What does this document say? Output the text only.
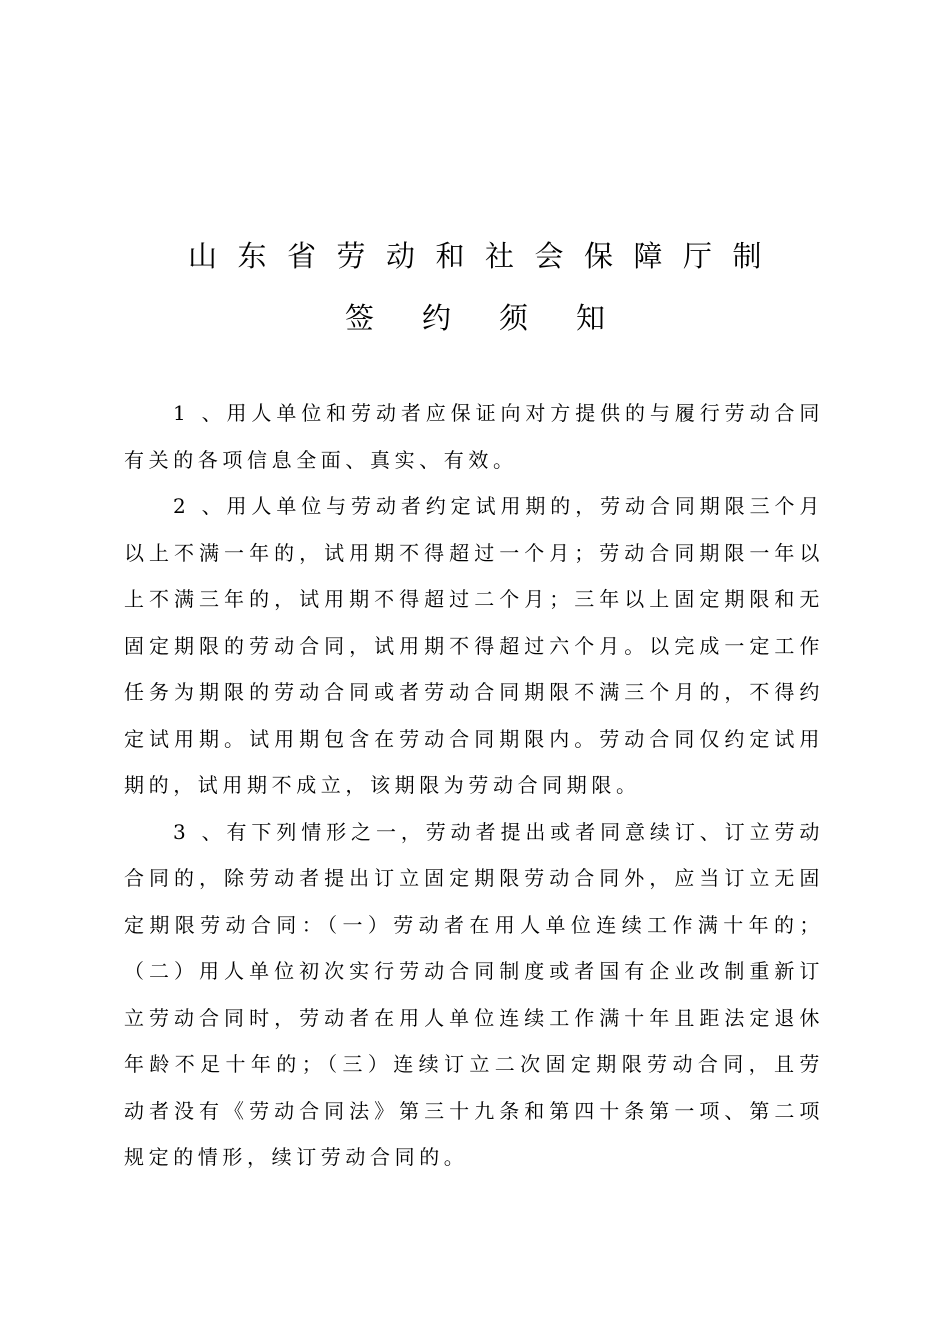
山东省劳动和社会保障厅制
签约须知

1 、用人单位和劳动者应保证向对方提供的与履行劳动合同有关的各项信息全面、真实、有效。

2 、用人单位与劳动者约定试用期的，劳动合同期限三个月以上不满一年的，试用期不得超过一个月；劳动合同期限一年以上不满三年的，试用期不得超过二个月；三年以上固定期限和无固定期限的劳动合同，试用期不得超过六个月。以完成一定工作任务为期限的劳动合同或者劳动合同期限不满三个月的，不得约定试用期。试用期包含在劳动合同期限内。劳动合同仅约定试用期的，试用期不成立，该期限为劳动合同期限。

3 、有下列情形之一，劳动者提出或者同意续订、订立劳动合同的，除劳动者提出订立固定期限劳动合同外，应当订立无固定期限劳动合同：（一）劳动者在用人单位连续工作满十年的；（二）用人单位初次实行劳动合同制度或者国有企业改制重新订立劳动合同时，劳动者在用人单位连续工作满十年且距法定退休年龄不足十年的；（三）连续订立二次固定期限劳动合同，且劳动者没有《劳动合同法》第三十九条和第四十条第一项、第二项规定的情形，续订劳动合同的。
